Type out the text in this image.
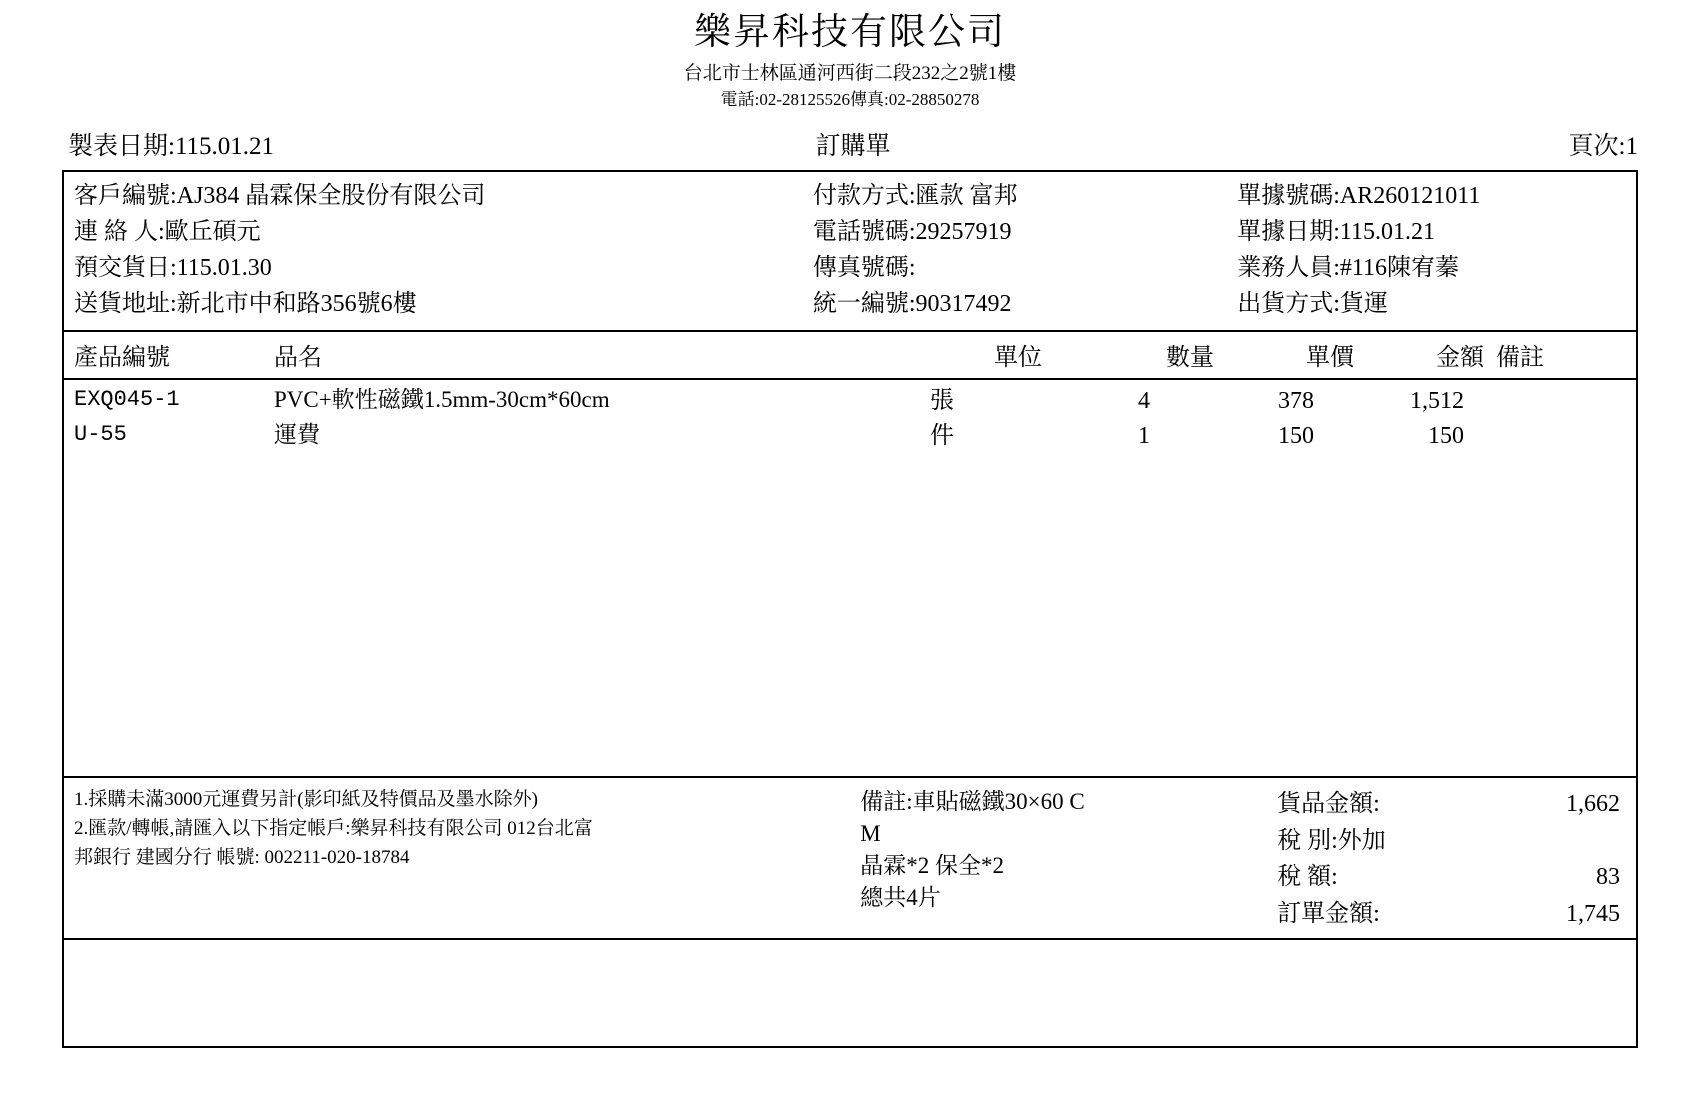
樂昇科技有限公司
台北市士林區通河西街二段232之2號1樓
電話:02-28125526傳真:02-28850278
製表日期:115.01.21	訂購單	頁次:1
客戶編號:AJ384 晶霖保全股份有限公司
連 絡 人:歐丘碩元
預交貨日:115.01.30
送貨地址:新北市中和路356號6樓
付款方式:匯款 富邦
電話號碼:29257919
傳真號碼:
統一編號:90317492
單據號碼:AR260121011
單據日期:115.01.21
業務人員:#116陳宥蓁
出貨方式:貨運
產品編號	品名	單位	數量	單價	金額 備註
EXQ045-1	PVC+軟性磁鐵1.5mm-30cm*60cm	張	4	378	1,512
U-55	運費	件	1	150	150
1.採購未滿3000元運費另計(影印紙及特價品及墨水除外)
2.匯款/轉帳,請匯入以下指定帳戶:樂昇科技有限公司 012台北富
邦銀行 建國分行 帳號: 002211-020-18784
備註:車貼磁鐵30×60 C
M
晶霖*2 保全*2
總共4片
貨品金額:	1,662
稅 別:外加
稅 額:	83
訂單金額:	1,745
